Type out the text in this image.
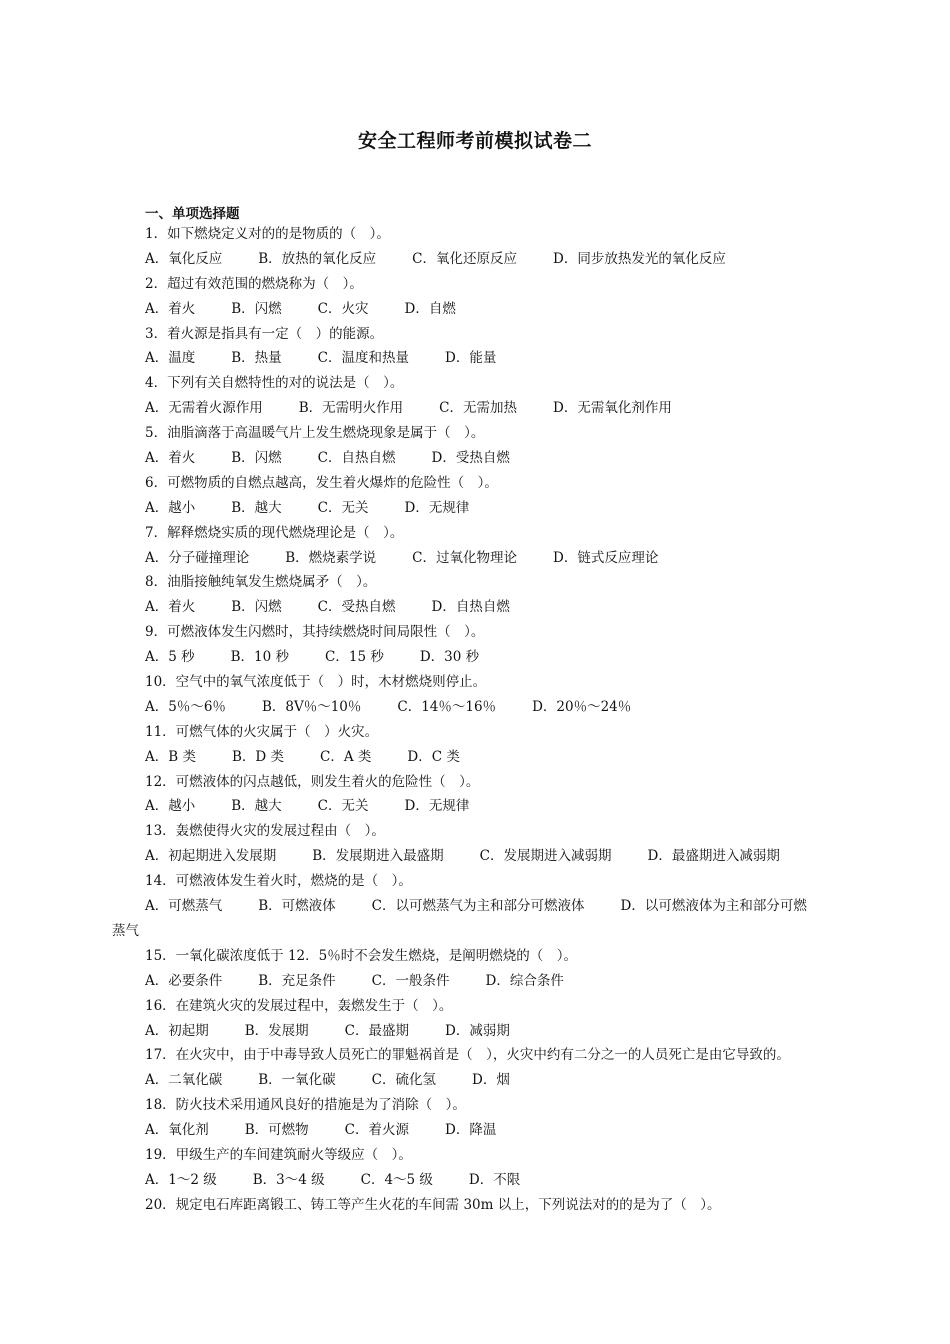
安全工程师考前模拟试卷二
一、单项选择题
1．如下燃烧定义对的的是物质的（　）。
A．氧化反应	B．放热的氧化反应	C．氧化还原反应	D．同步放热发光的氧化反应
2．超过有效范围的燃烧称为（　）。
A．着火	B．闪燃	C．火灾	D．自燃
3．着火源是指具有一定（　）的能源。
A．温度	B．热量	C．温度和热量	D．能量
4．下列有关自燃特性的对的说法是（　）。
A．无需着火源作用	B．无需明火作用	C．无需加热	D．无需氧化剂作用
5．油脂滴落于高温暖气片上发生燃烧现象是属于（　）。
A．着火	B．闪燃	C．自热自燃	D．受热自燃
6．可燃物质的自燃点越高，发生着火爆炸的危险性（　）。
A．越小	B．越大	C．无关	D．无规律
7．解释燃烧实质的现代燃烧理论是（　）。
A．分子碰撞理论	B．燃烧素学说	C．过氧化物理论	D．链式反应理论
8．油脂接触纯氧发生燃烧属矛（　）。
A．着火	B．闪燃	C．受热自燃	D．自热自燃
9．可燃液体发生闪燃时，其持续燃烧时间局限性（　）。
A．5 秒	B．10 秒	C．15 秒	D．30 秒
10．空气中的氧气浓度低于（　）时，木材燃烧则停止。
A．5％～6％	B．8V％～10％	C．14％～16％	D．20％～24％
11．可燃气体的火灾属于（　）火灾。
A．B 类	B．D 类	C．A 类	D．C 类
12．可燃液体的闪点越低，则发生着火的危险性（　）。
A．越小	B．越大	C．无关	D．无规律
13．轰燃使得火灾的发展过程由（　）。
A．初起期进入发展期	B．发展期进入最盛期	C．发展期进入减弱期	D．最盛期进入减弱期
14．可燃液体发生着火时，燃烧的是（　）。
A．可燃蒸气	B．可燃液体	C．以可燃蒸气为主和部分可燃液体	D．以可燃液体为主和部分可燃
蒸气
15．一氧化碳浓度低于 12．5％时不会发生燃烧，是阐明燃烧的（　）。
A．必要条件	B．充足条件	C．一般条件	D．综合条件
16．在建筑火灾的发展过程中，轰燃发生于（　）。
A．初起期	B．发展期	C．最盛期	D．减弱期
17．在火灾中，由于中毒导致人员死亡的罪魁祸首是（　），火灾中约有二分之一的人员死亡是由它导致的。
A．二氧化碳	B．一氧化碳	C．硫化氢	D．烟
18．防火技术采用通风良好的措施是为了消除（　）。
A．氧化剂	B．可燃物	C．着火源	D．降温
19．甲级生产的车间建筑耐火等级应（　）。
A．1～2 级	B．3～4 级	C．4～5 级	D．不限
20．规定电石库距离锻工、铸工等产生火花的车间需 30m 以上，下列说法对的的是为了（　）。
